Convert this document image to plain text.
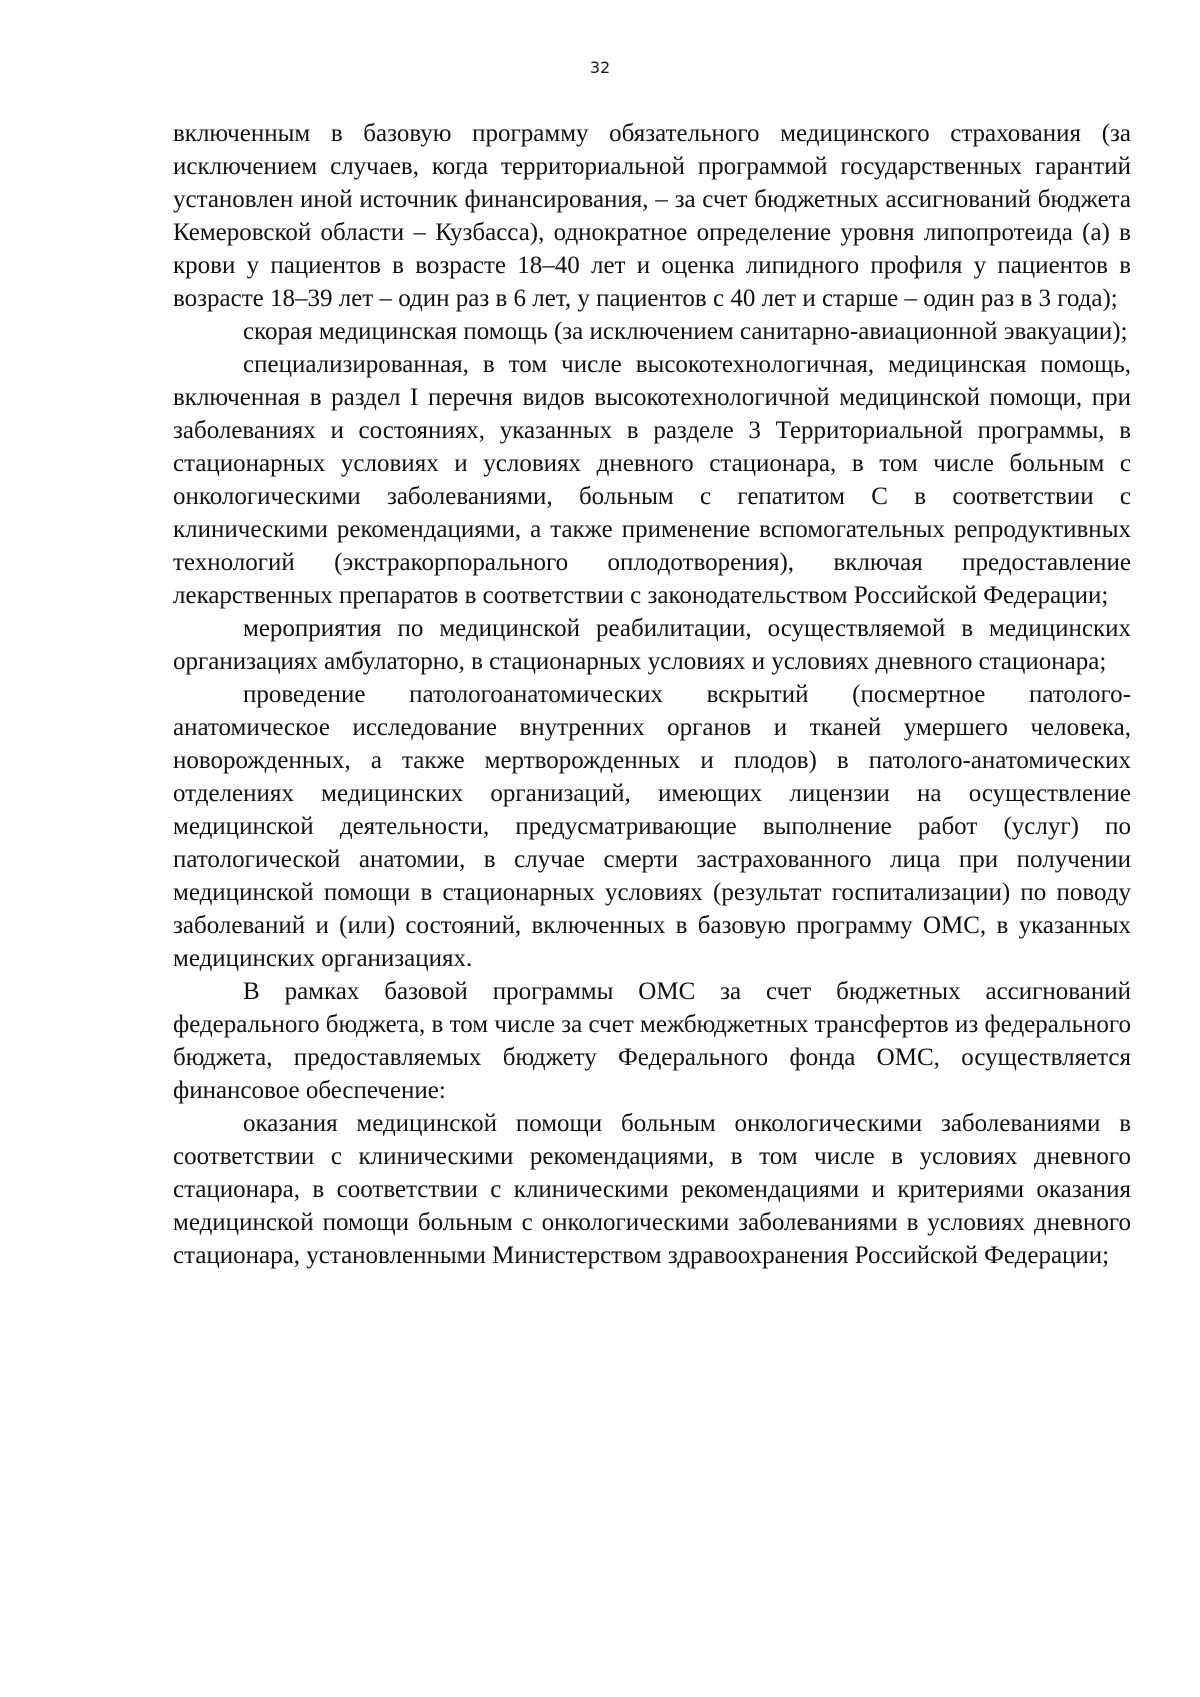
32

включенным в базовую программу обязательного медицинского страхования (за исключением случаев, когда территориальной программой государственных гарантий установлен иной источник финансирования, – за счет бюджетных ассигнований бюджета Кемеровской области – Кузбасса), однократное определение уровня липопротеида (а) в крови у пациентов в возрасте 18–40 лет и оценка липидного профиля у пациентов в возрасте 18–39 лет – один раз в 6 лет, у пациентов с 40 лет и старше – один раз в 3 года);

скорая медицинская помощь (за исключением санитарно-авиационной эвакуации);

специализированная, в том числе высокотехнологичная, медицинская помощь, включенная в раздел I перечня видов высокотехнологичной медицинской помощи, при заболеваниях и состояниях, указанных в разделе 3 Территориальной программы, в стационарных условиях и условиях дневного стационара, в том числе больным с онкологическими заболеваниями, больным с гепатитом С в соответствии с клиническими рекомендациями, а также применение вспомогательных репродуктивных технологий (экстракорпорального оплодотворения), включая предоставление лекарственных препаратов в соответствии с законодательством Российской Федерации;

мероприятия по медицинской реабилитации, осуществляемой в медицинских организациях амбулаторно, в стационарных условиях и условиях дневного стационара;

проведение патологоанатомических вскрытий (посмертное патолого-анатомическое исследование внутренних органов и тканей умершего человека, новорожденных, а также мертворожденных и плодов) в патолого-анатомических отделениях медицинских организаций, имеющих лицензии на осуществление медицинской деятельности, предусматривающие выполнение работ (услуг) по патологической анатомии, в случае смерти застрахованного лица при получении медицинской помощи в стационарных условиях (результат госпитализации) по поводу заболеваний и (или) состояний, включенных в базовую программу ОМС, в указанных медицинских организациях.

В рамках базовой программы ОМС за счет бюджетных ассигнований федерального бюджета, в том числе за счет межбюджетных трансфертов из федерального бюджета, предоставляемых бюджету Федерального фонда ОМС, осуществляется финансовое обеспечение:

оказания медицинской помощи больным онкологическими заболеваниями в соответствии с клиническими рекомендациями, в том числе в условиях дневного стационара, в соответствии с клиническими рекомендациями и критериями оказания медицинской помощи больным с онкологическими заболеваниями в условиях дневного стационара, установленными Министерством здравоохранения Российской Федерации;
